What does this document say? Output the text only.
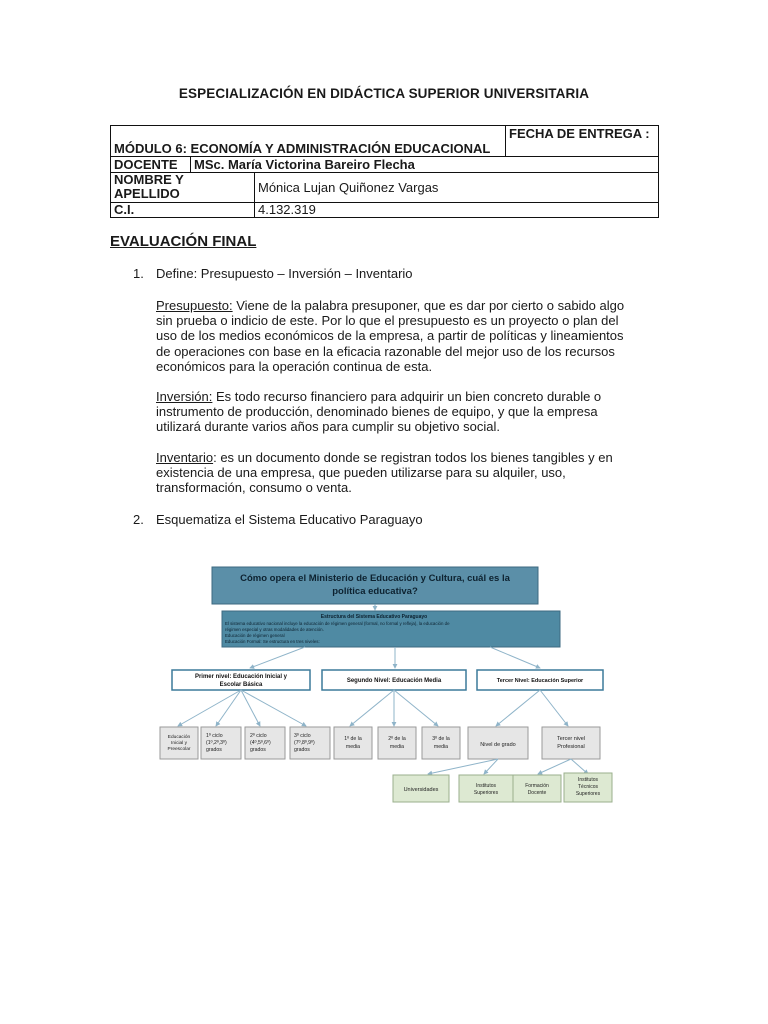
ESPECIALIZACIÓN EN DIDÁCTICA SUPERIOR UNIVERSITARIA
MÓDULO 6: ECONOMÍA Y ADMINISTRACIÓN EDUCACIONAL			FECHA DE ENTREGA :
DOCENTE	MSc. María Victorina Bareiro Flecha		

NOMBRE Y
APELLIDO		Mónica Lujan Quiñonez Vargas	
C.I.		4.132.319	
EVALUACIÓN FINAL
1. Define: Presupuesto – Inversión – Inventario
Presupuesto: Viene de la palabra presuponer, que es dar por cierto o sabido algo
sin prueba o indicio de este. Por lo que el presupuesto es un proyecto o plan del
uso de los medios económicos de la empresa, a partir de políticas y lineamientos
de operaciones con base en la eficacia razonable del mejor uso de los recursos
económicos para la operación continua de esta.
Inversión: Es todo recurso financiero para adquirir un bien concreto durable o
instrumento de producción, denominado bienes de equipo, y que la empresa
utilizará durante varios años para cumplir su objetivo social.
Inventario: es un documento donde se registran todos los bienes tangibles y en
existencia de una empresa, que pueden utilizarse para su alquiler, uso,
transformación, consumo o venta.
2. Esquematiza el Sistema Educativo Paraguayo
Cómo opera el Ministerio de Educación y Cultura, cuál es la
política educativa?
Estructura del Sistema Educativo Paraguayo
El sistema educativo nacional incluye la educación de régimen general (formal, no formal y refleja), la educación de
régimen especial y otras modalidades de atención.
Educación de régimen general
Educación Formal: Se estructura en tres niveles:
Primer nivel: Educación Inicial y
Escolar Básica
Segundo Nivel: Educación Media	Tercer Nivel: Educación Superior
Educación
Inicial y
Preescolar
1º ciclo
(1º,2º,3º)
grados
2º ciclo
(4º,5º,6º)
grados
3º ciclo
(7º,8º,9º)
grados
1º de la
media
2º de la
media
3º de la
media	Nivel de grado
Tercer nivel
Profesional
Universidades
Institutos
Superiores
Formación
Docente
Institutos
Técnicos
Superiores
